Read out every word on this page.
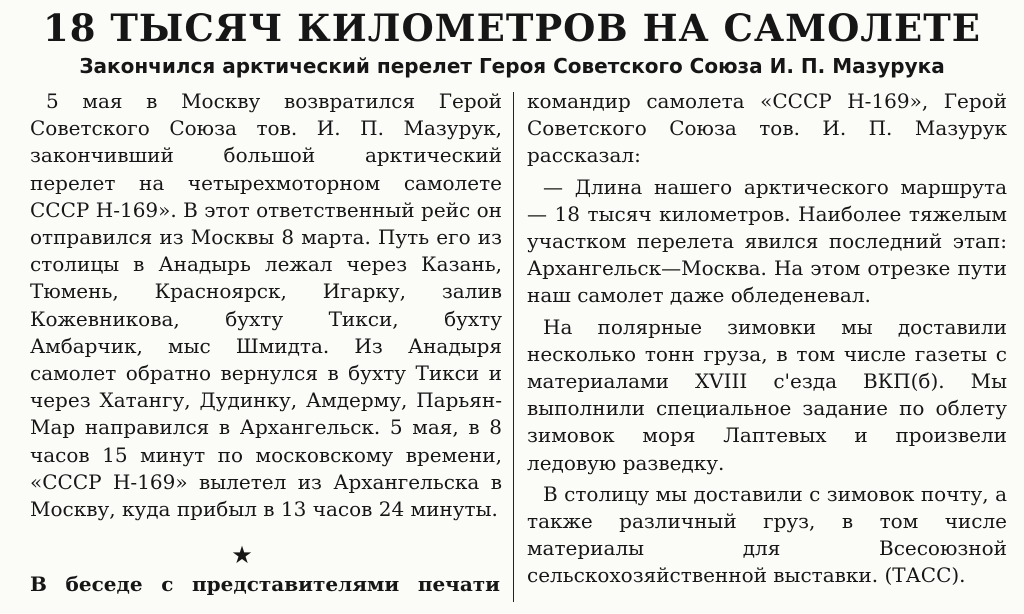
18 ТЫСЯЧ КИЛОМЕТРОВ НА САМОЛЕТЕ
Закончился арктический перелет Героя Советского Союза И. П. Мазурука

5 мая в Москву возвратился Герой Советского Союза тов. И. П. Мазурук, закончивший большой арктический перелет на четырехмоторном самолете СССР Н-169». В этот ответственный рейс он отправился из Москвы 8 марта. Путь его из столицы в Анадырь лежал через Казань, Тюмень, Красноярск, Игарку, залив Кожевникова, бухту Тикси, бухту Амбарчик, мыс Шмидта. Из Анадыря самолет обратно вернулся в бухту Тикси и через Хатангу, Дудинку, Амдерму, Парьян-Мар направился в Архангельск. 5 мая, в 8 часов 15 минут по московскому времени, «СССР Н-169» вылетел из Архангельска в Москву, куда прибыл в 13 часов 24 минуты.

★
В беседе с представителями печати

командир самолета «СССР Н-169», Герой Советского Союза тов. И. П. Мазурук рассказал:

— Длина нашего арктического маршрута — 18 тысяч километров. Наиболее тяжелым участком перелета явился последний этап: Архангельск—Москва. На этом отрезке пути наш самолет даже обледеневал.

На полярные зимовки мы доставили несколько тонн груза, в том числе газеты с материалами XVIII с'езда ВКП(б). Мы выполнили специальное задание по облету зимовок моря Лаптевых и произвели ледовую разведку.

В столицу мы доставили с зимовок почту, а также различный груз, в том числе материалы для Всесоюзной сельскохозяйственной выставки. (ТАСС).
